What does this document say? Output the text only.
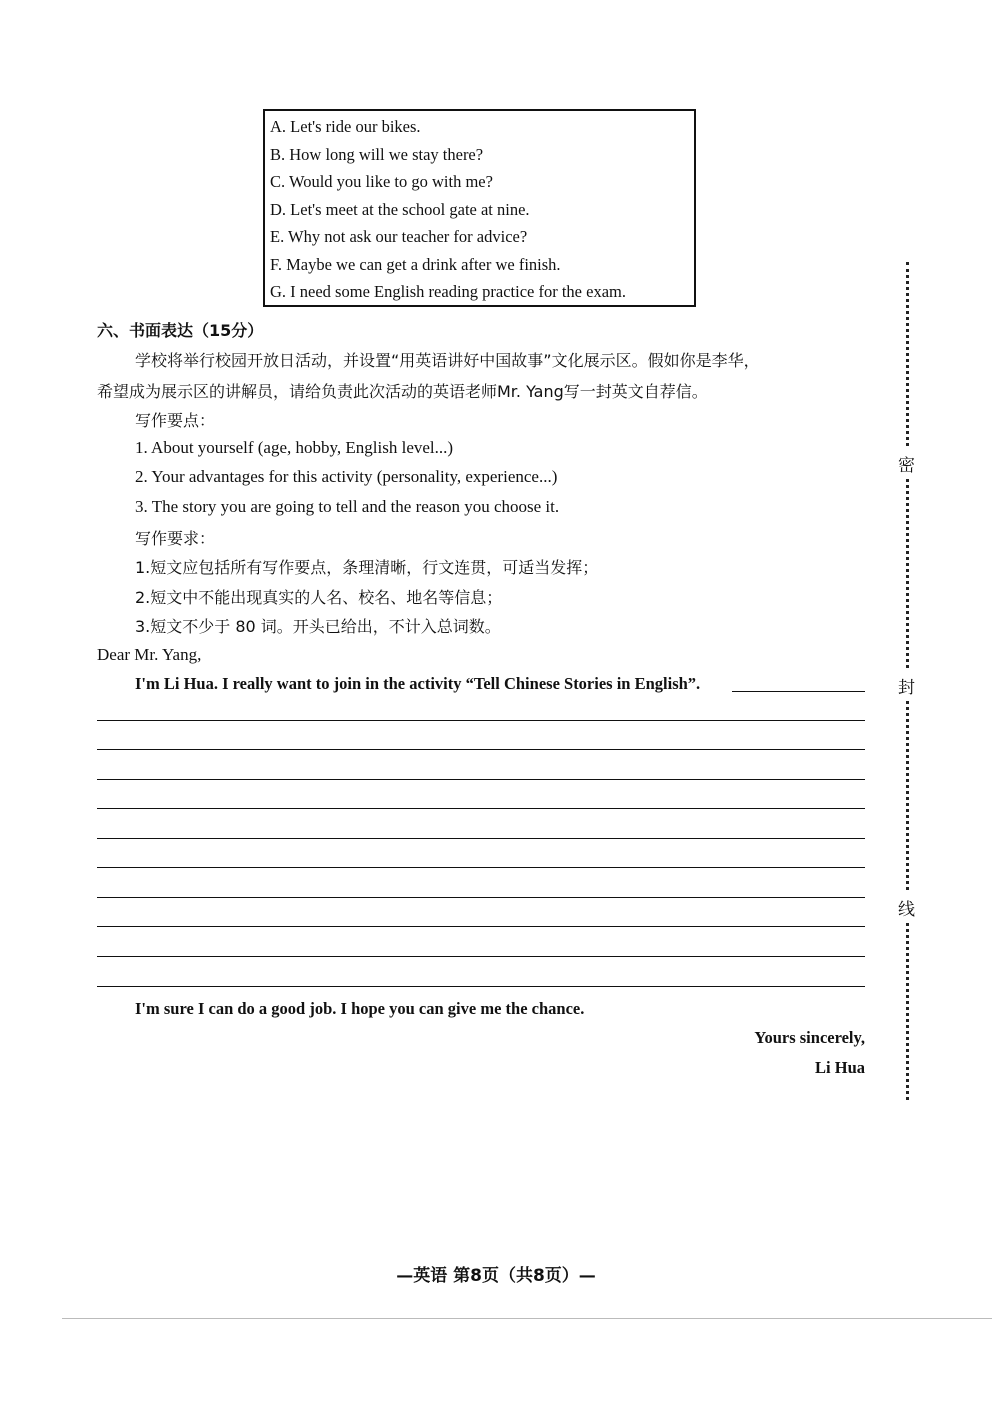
A. Let's ride our bikes.
B. How long will we stay there?
C. Would you like to go with me?
D. Let's meet at the school gate at nine.
E. Why not ask our teacher for advice?
F. Maybe we can get a drink after we finish.
G. I need some English reading practice for the exam.
六、书面表达（15分）
学校将举行校园开放日活动，并设置“用英语讲好中国故事”文化展示区。假如你是李华，
希望成为展示区的讲解员，请给负责此次活动的英语老师Mr. Yang写一封英文自荐信。
写作要点：
1. About yourself (age, hobby, English level...)
2. Your advantages for this activity (personality, experience...)
3. The story you are going to tell and the reason you choose it.
写作要求：
1.短文应包括所有写作要点，条理清晰，行文连贯，可适当发挥；
2.短文中不能出现真实的人名、校名、地名等信息；
3.短文不少于 80 词。开头已给出，不计入总词数。
Dear Mr. Yang,
I'm Li Hua. I really want to join in the activity “Tell Chinese Stories in English”.
I'm sure I can do a good job. I hope you can give me the chance.
Yours sincerely,
Li Hua
密
封
线
—英语 第8页（共8页）—
